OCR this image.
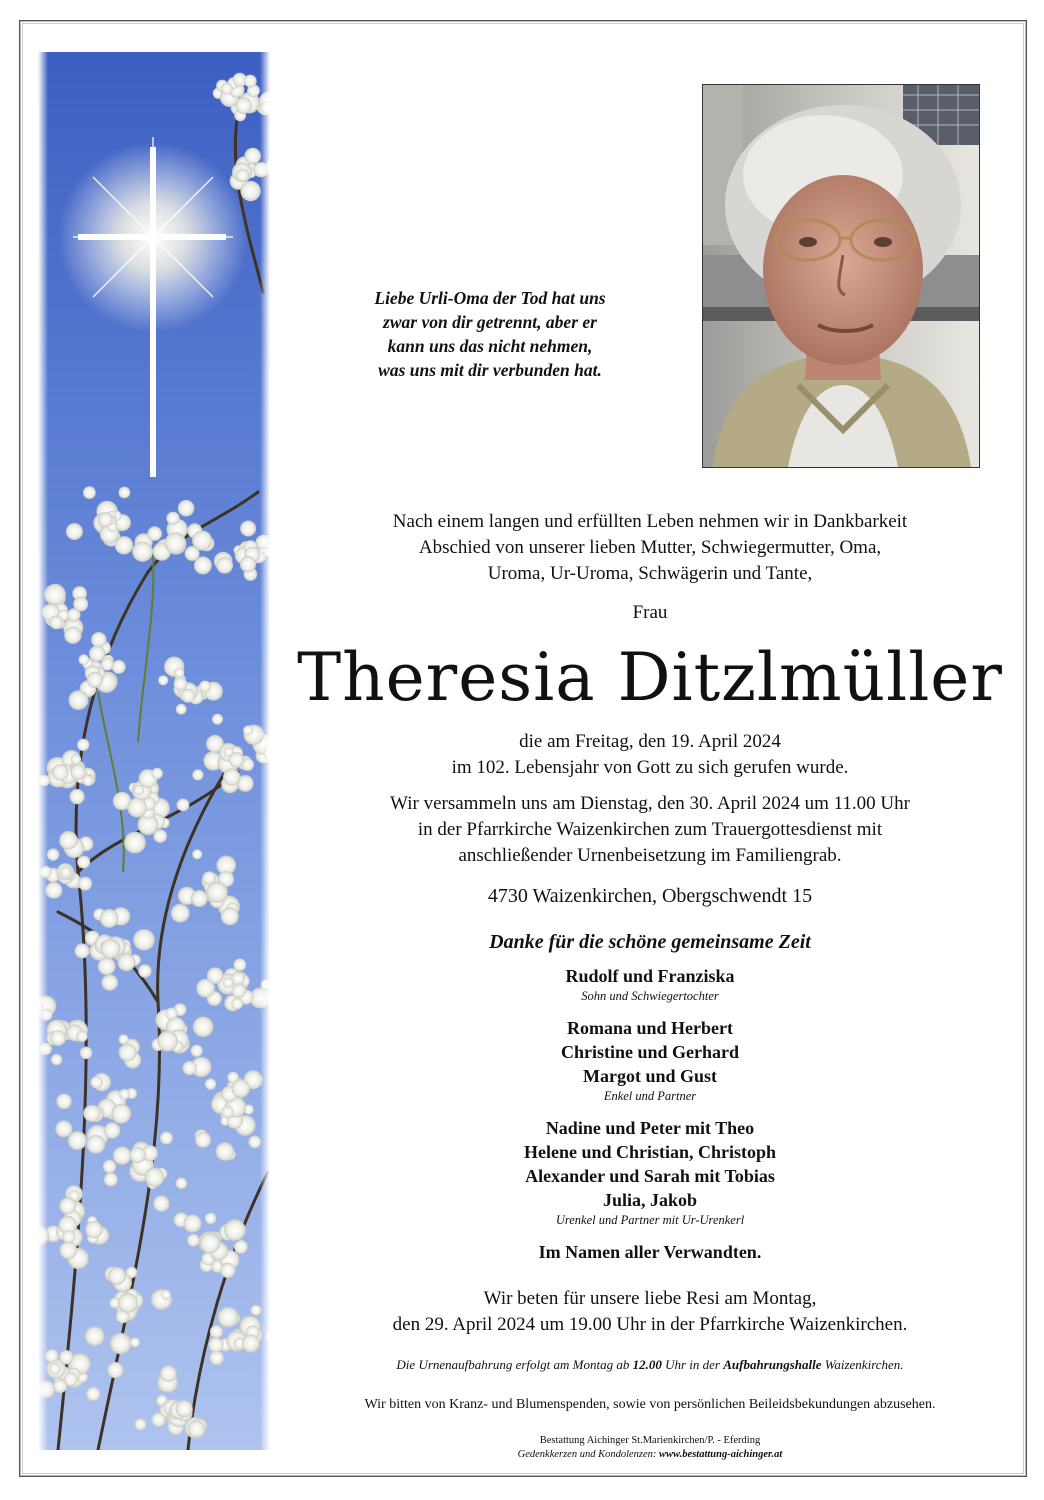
Liebe Urli-Oma der Tod hat uns
zwar von dir getrennt, aber er
kann uns das nicht nehmen,
was uns mit dir verbunden hat.
Nach einem langen und erfüllten Leben nehmen wir in Dankbarkeit
Abschied von unserer lieben Mutter, Schwiegermutter, Oma,
Uroma, Ur-Uroma, Schwägerin und Tante,
Frau
Theresia Ditzlmüller
die am Freitag, den 19. April 2024
im 102. Lebensjahr von Gott zu sich gerufen wurde.
Wir versammeln uns am Dienstag, den 30. April 2024 um 11.00 Uhr
in der Pfarrkirche Waizenkirchen zum Trauergottesdienst mit
anschließender Urnenbeisetzung im Familiengrab.
4730 Waizenkirchen, Obergschwendt 15
Danke für die schöne gemeinsame Zeit
Rudolf und Franziska
Sohn und Schwiegertochter
Romana und Herbert
Christine und Gerhard
Margot und Gust
Enkel und Partner
Nadine und Peter mit Theo
Helene und Christian, Christoph
Alexander und Sarah mit Tobias
Julia, Jakob
Urenkel und Partner mit Ur-Urenkerl
Im Namen aller Verwandten.
Wir beten für unsere liebe Resi am Montag,
den 29. April 2024 um 19.00 Uhr in der Pfarrkirche Waizenkirchen.
Die Urnenaufbahrung erfolgt am Montag ab 12.00 Uhr in der Aufbahrungshalle Waizenkirchen.
Wir bitten von Kranz- und Blumenspenden, sowie von persönlichen Beileidsbekundungen abzusehen.
Bestattung Aichinger St.Marienkirchen/P. - Eferding
Gedenkkerzen und Kondolenzen: www.bestattung-aichinger.at
